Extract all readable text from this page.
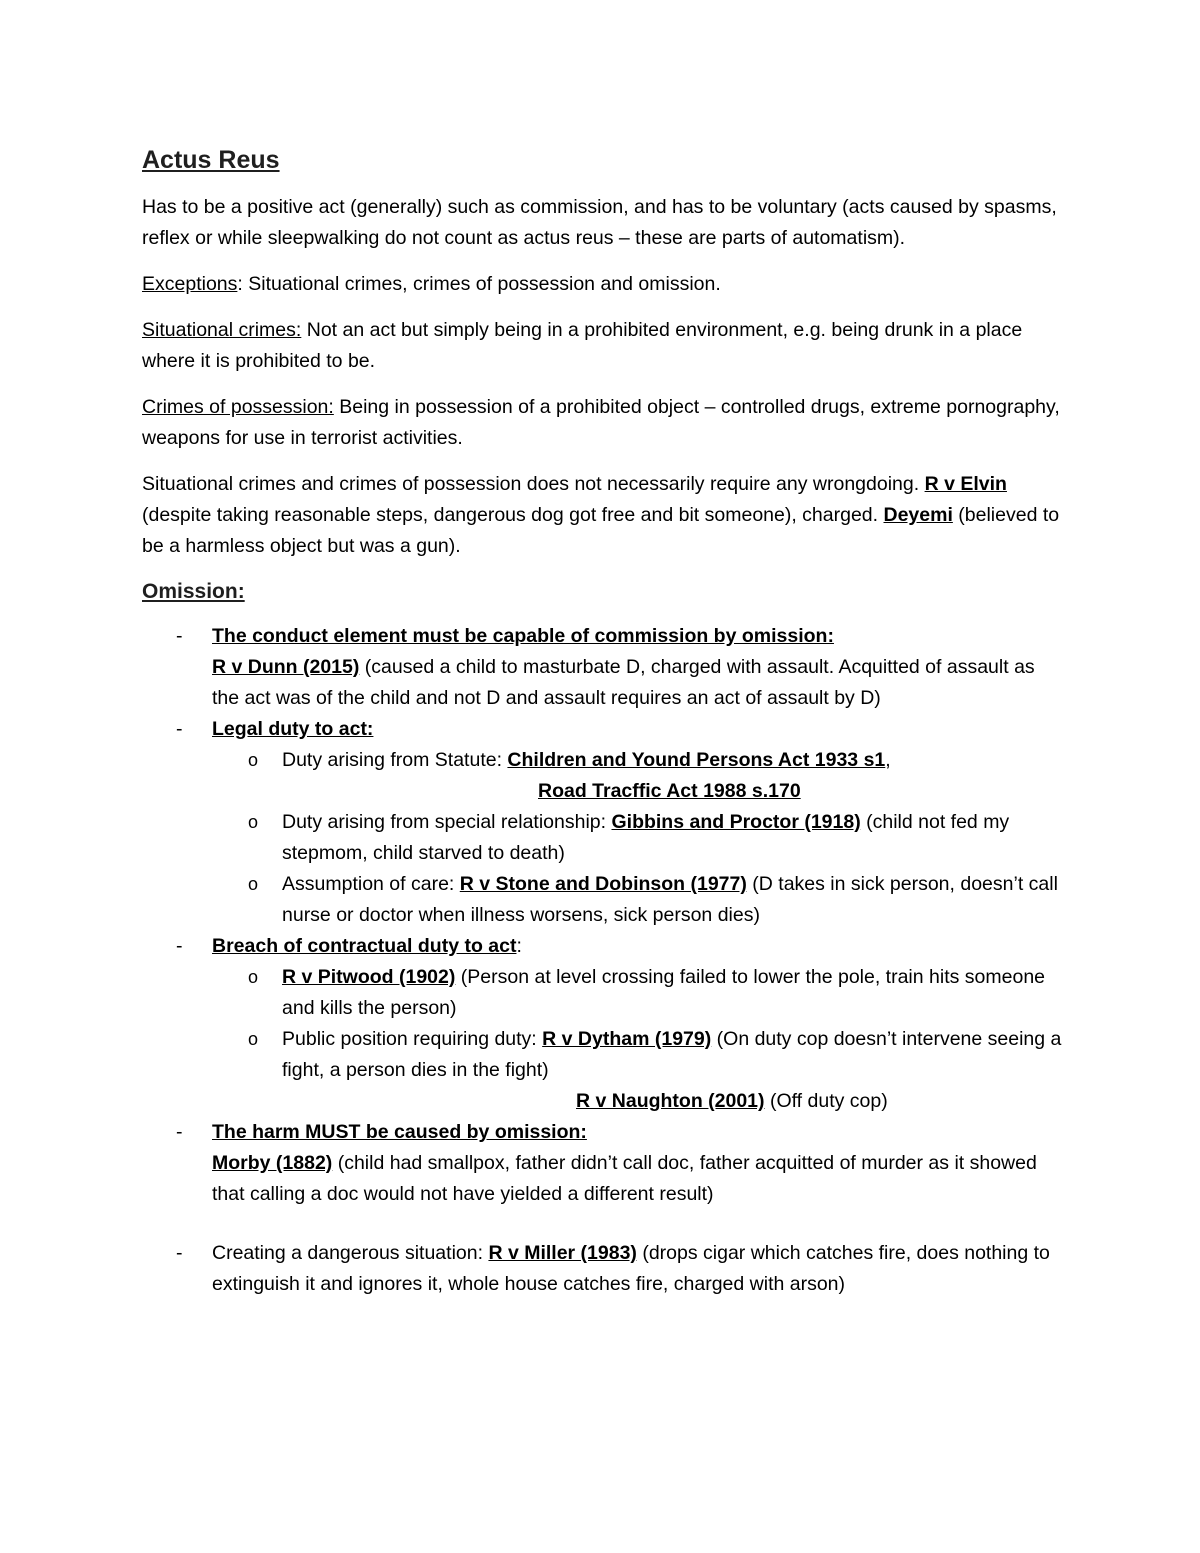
Actus Reus

Has to be a positive act (generally) such as commission, and has to be voluntary (acts caused by spasms, reflex or while sleepwalking do not count as actus reus – these are parts of automatism).

Exceptions: Situational crimes, crimes of possession and omission.

Situational crimes: Not an act but simply being in a prohibited environment, e.g. being drunk in a place where it is prohibited to be.

Crimes of possession: Being in possession of a prohibited object – controlled drugs, extreme pornography, weapons for use in terrorist activities.

Situational crimes and crimes of possession does not necessarily require any wrongdoing. R v Elvin (despite taking reasonable steps, dangerous dog got free and bit someone), charged. Deyemi (believed to be a harmless object but was a gun).

Omission:
- The conduct element must be capable of commission by omission:
R v Dunn (2015) (caused a child to masturbate D, charged with assault. Acquitted of assault as the act was of the child and not D and assault requires an act of assault by D)
- Legal duty to act:
o Duty arising from Statute: Children and Yound Persons Act 1933 s1,
Road Tracffic Act 1988 s.170
o Duty arising from special relationship: Gibbins and Proctor (1918) (child not fed my stepmom, child starved to death)
o Assumption of care: R v Stone and Dobinson (1977) (D takes in sick person, doesn’t call nurse or doctor when illness worsens, sick person dies)
- Breach of contractual duty to act:
o R v Pitwood (1902) (Person at level crossing failed to lower the pole, train hits someone and kills the person)
o Public position requiring duty: R v Dytham (1979) (On duty cop doesn’t intervene seeing a fight, a person dies in the fight)
R v Naughton (2001) (Off duty cop)
- The harm MUST be caused by omission:
Morby (1882) (child had smallpox, father didn’t call doc, father acquitted of murder as it showed that calling a doc would not have yielded a different result)
- Creating a dangerous situation: R v Miller (1983) (drops cigar which catches fire, does nothing to extinguish it and ignores it, whole house catches fire, charged with arson)
